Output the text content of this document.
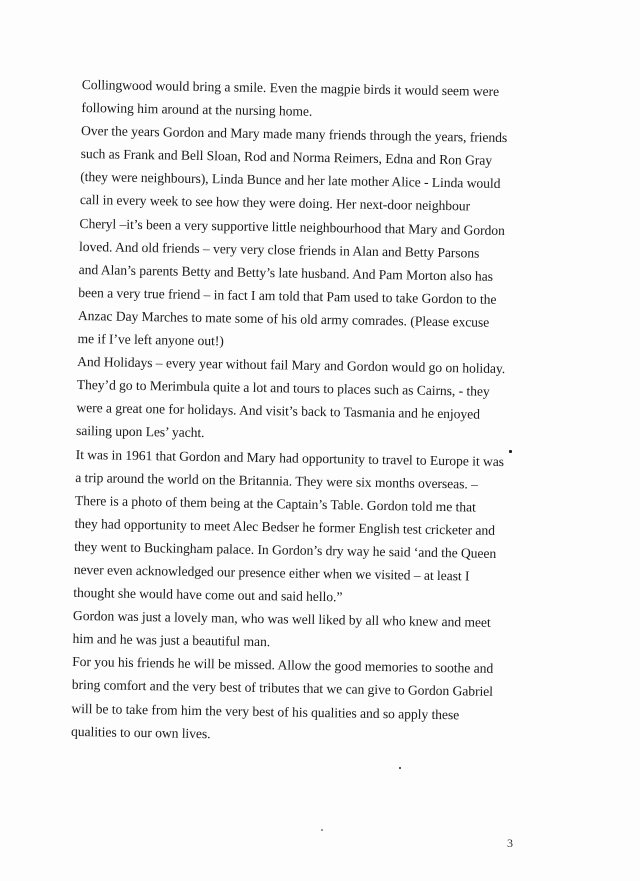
Collingwood would bring a smile. Even the magpie birds it would seem were
following him around at the nursing home.
Over the years Gordon and Mary made many friends through the years, friends
such as Frank and Bell Sloan, Rod and Norma Reimers, Edna and Ron Gray
(they were neighbours), Linda Bunce and her late mother Alice - Linda would
call in every week to see how they were doing. Her next-door neighbour
Cheryl –it’s been a very supportive little neighbourhood that Mary and Gordon
loved. And old friends – very very close friends in Alan and Betty Parsons
and Alan’s parents Betty and Betty’s late husband. And Pam Morton also has
been a very true friend – in fact I am told that Pam used to take Gordon to the
Anzac Day Marches to mate some of his old army comrades. (Please excuse
me if I’ve left anyone out!)
And Holidays – every year without fail Mary and Gordon would go on holiday.
They’d go to Merimbula quite a lot and tours to places such as Cairns, - they
were a great one for holidays. And visit’s back to Tasmania and he enjoyed
sailing upon Les’ yacht.
It was in 1961 that Gordon and Mary had opportunity to travel to Europe it was
a trip around the world on the Britannia. They were six months overseas. –
There is a photo of them being at the Captain’s Table. Gordon told me that
they had opportunity to meet Alec Bedser he former English test cricketer and
they went to Buckingham palace. In Gordon’s dry way he said ‘and the Queen
never even acknowledged our presence either when we visited – at least I
thought she would have come out and said hello.”
Gordon was just a lovely man, who was well liked by all who knew and meet
him and he was just a beautiful man.
For you his friends he will be missed. Allow the good memories to soothe and
bring comfort and the very best of tributes that we can give to Gordon Gabriel
will be to take from him the very best of his qualities and so apply these
qualities to our own lives.
3
